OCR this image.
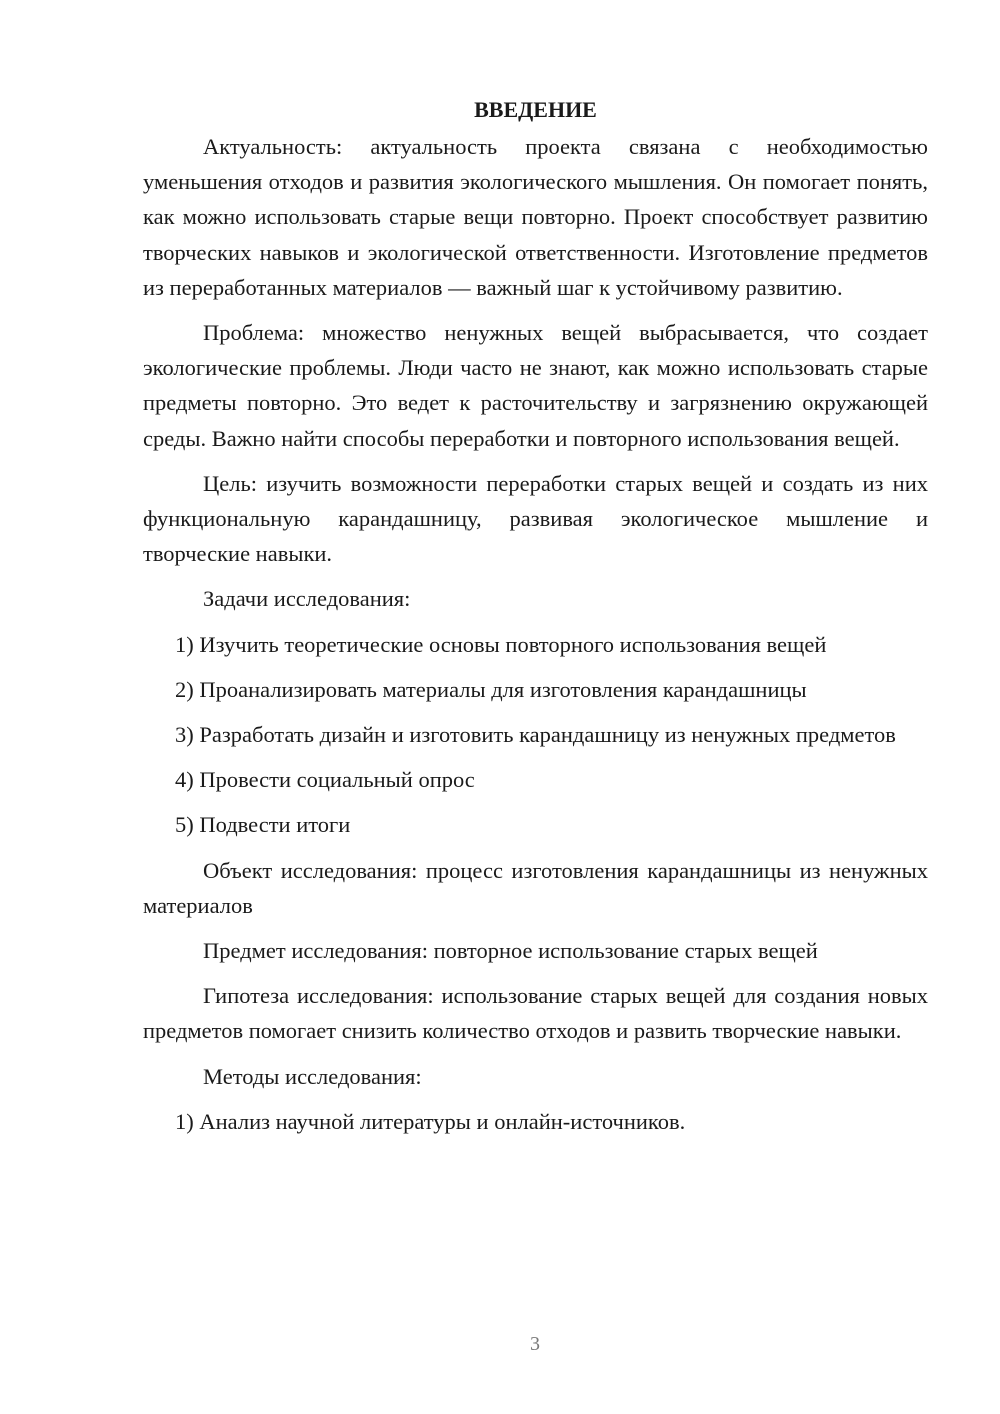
ВВЕДЕНИЕ

Актуальность: актуальность проекта связана с необходимостью уменьшения отходов и развития экологического мышления. Он помогает понять, как можно использовать старые вещи повторно. Проект способствует развитию творческих навыков и экологической ответственности. Изготовление предметов из переработанных материалов — важный шаг к устойчивому развитию.

Проблема: множество ненужных вещей выбрасывается, что создает экологические проблемы. Люди часто не знают, как можно использовать старые предметы повторно. Это ведет к расточительству и загрязнению окружающей среды. Важно найти способы переработки и повторного использования вещей.

Цель: изучить возможности переработки старых вещей и создать из них функциональную карандашницу, развивая экологическое мышление и творческие навыки.

Задачи исследования:

1) Изучить теоретические основы повторного использования вещей

2) Проанализировать материалы для изготовления карандашницы

3) Разработать дизайн и изготовить карандашницу из ненужных предметов

4) Провести социальный опрос

5) Подвести итоги

Объект исследования: процесс изготовления карандашницы из ненужных материалов

Предмет исследования: повторное использование старых вещей

Гипотеза исследования: использование старых вещей для создания новых предметов помогает снизить количество отходов и развить творческие навыки.

Методы исследования:

1) Анализ научной литературы и онлайн-источников.

3
